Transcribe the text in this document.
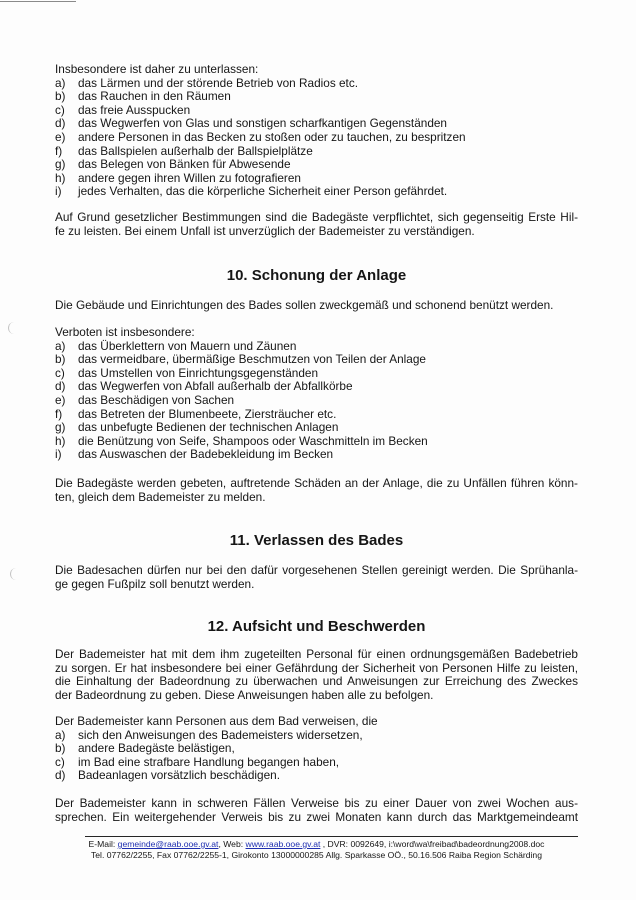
Insbesondere ist daher zu unterlassen:
a) das Lärmen und der störende Betrieb von Radios etc.
b) das Rauchen in den Räumen
c) das freie Ausspucken
d) das Wegwerfen von Glas und sonstigen scharfkantigen Gegenständen
e) andere Personen in das Becken zu stoßen oder zu tauchen, zu bespritzen
f) das Ballspielen außerhalb der Ballspielplätze
g) das Belegen von Bänken für Abwesende
h) andere gegen ihren Willen zu fotografieren
i) jedes Verhalten, das die körperliche Sicherheit einer Person gefährdet.
Auf Grund gesetzlicher Bestimmungen sind die Badegäste verpflichtet, sich gegenseitig Erste Hil-
fe zu leisten. Bei einem Unfall ist unverzüglich der Bademeister zu verständigen.
10. Schonung der Anlage
Die Gebäude und Einrichtungen des Bades sollen zweckgemäß und schonend benützt werden.
Verboten ist insbesondere:
a) das Überklettern von Mauern und Zäunen
b) das vermeidbare, übermäßige Beschmutzen von Teilen der Anlage
c) das Umstellen von Einrichtungsgegenständen
d) das Wegwerfen von Abfall außerhalb der Abfallkörbe
e) das Beschädigen von Sachen
f) das Betreten der Blumenbeete, Ziersträucher etc.
g) das unbefugte Bedienen der technischen Anlagen
h) die Benützung von Seife, Shampoos oder Waschmitteln im Becken
i) das Auswaschen der Badebekleidung im Becken
Die Badegäste werden gebeten, auftretende Schäden an der Anlage, die zu Unfällen führen könn-
ten, gleich dem Bademeister zu melden.
11. Verlassen des Bades
Die Badesachen dürfen nur bei den dafür vorgesehenen Stellen gereinigt werden. Die Sprühanla-
ge gegen Fußpilz soll benutzt werden.
12. Aufsicht und Beschwerden
Der Bademeister hat mit dem ihm zugeteilten Personal für einen ordnungsgemäßen Badebetrieb
zu sorgen. Er hat insbesondere bei einer Gefährdung der Sicherheit von Personen Hilfe zu leisten,
die Einhaltung der Badeordnung zu überwachen und Anweisungen zur Erreichung des Zweckes
der Badeordnung zu geben. Diese Anweisungen haben alle zu befolgen.
Der Bademeister kann Personen aus dem Bad verweisen, die
a) sich den Anweisungen des Bademeisters widersetzen,
b) andere Badegäste belästigen,
c) im Bad eine strafbare Handlung begangen haben,
d) Badeanlagen vorsätzlich beschädigen.
Der Bademeister kann in schweren Fällen Verweise bis zu einer Dauer von zwei Wochen aus-
sprechen. Ein weitergehender Verweis bis zu zwei Monaten kann durch das Marktgemeindeamt
E-Mail: gemeinde@raab.ooe.gv.at, Web: www.raab.ooe.gv.at , DVR: 0092649, i:\word\wa\freibad\badeordnung2008.doc
Tel. 07762/2255, Fax 07762/2255-1, Girokonto 13000000285 Allg. Sparkasse OÖ., 50.16.506 Raiba Region Schärding
